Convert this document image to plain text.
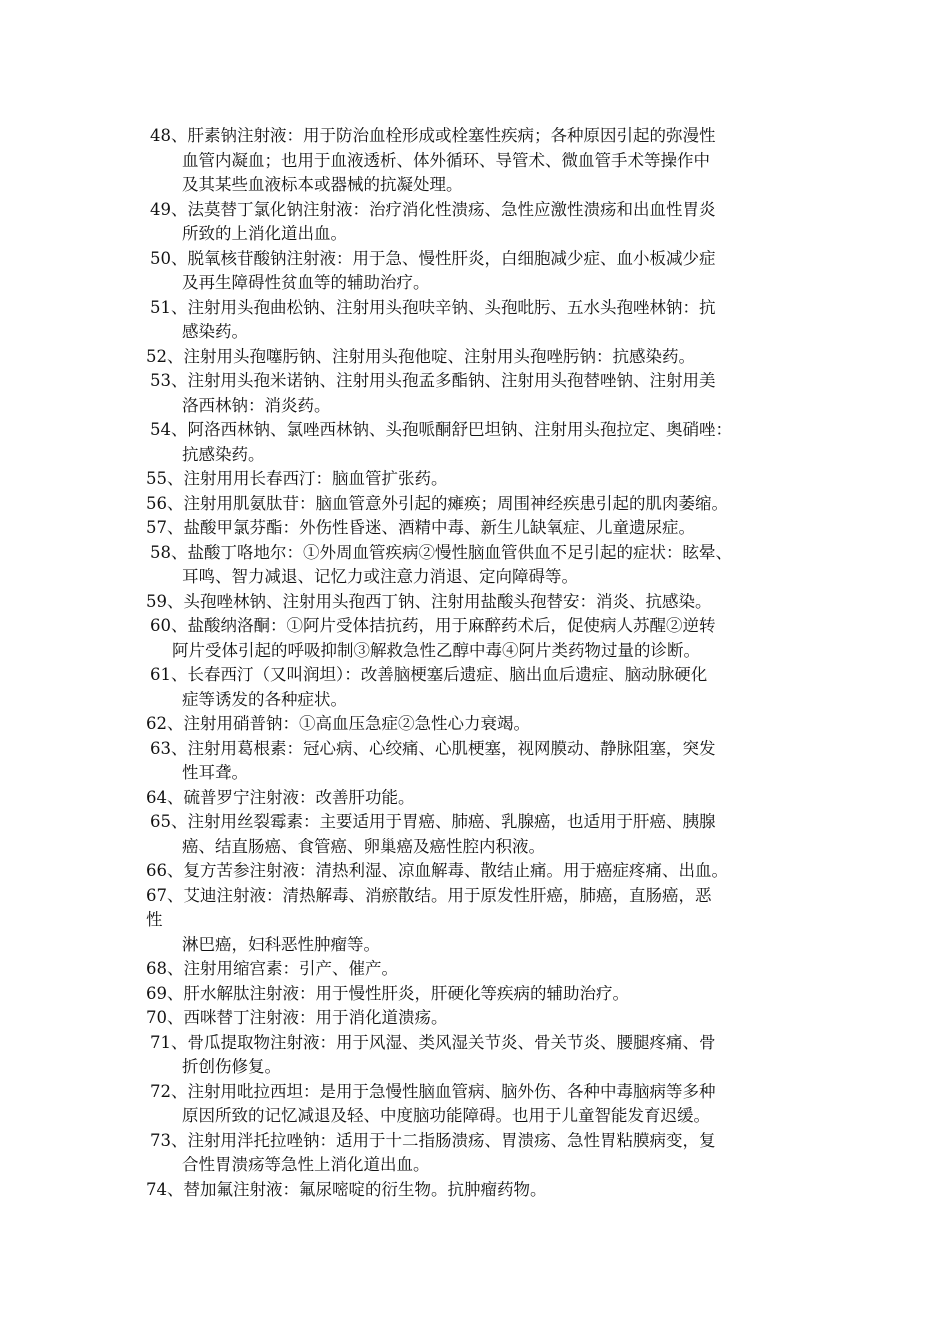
48、肝素钠注射液：用于防治血栓形成或栓塞性疾病；各种原因引起的弥漫性
血管内凝血；也用于血液透析、体外循环、导管术、微血管手术等操作中
及其某些血液标本或器械的抗凝处理。
49、法莫替丁氯化钠注射液：治疗消化性溃疡、急性应激性溃疡和出血性胃炎
所致的上消化道出血。
50、脱氧核苷酸钠注射液：用于急、慢性肝炎，白细胞减少症、血小板减少症
及再生障碍性贫血等的辅助治疗。
51、注射用头孢曲松钠、注射用头孢呋辛钠、头孢吡肟、五水头孢唑林钠：抗
感染药。
52、注射用头孢噻肟钠、注射用头孢他啶、注射用头孢唑肟钠：抗感染药。
53、注射用头孢米诺钠、注射用头孢孟多酯钠、注射用头孢替唑钠、注射用美
洛西林钠：消炎药。
54、阿洛西林钠、氯唑西林钠、头孢哌酮舒巴坦钠、注射用头孢拉定、奥硝唑：
抗感染药。
55、注射用用长春西汀：脑血管扩张药。
56、注射用肌氨肽苷：脑血管意外引起的瘫痪；周围神经疾患引起的肌肉萎缩。
57、盐酸甲氯芬酯：外伤性昏迷、酒精中毒、新生儿缺氧症、儿童遗尿症。
58、盐酸丁咯地尔：①外周血管疾病②慢性脑血管供血不足引起的症状：眩晕、
耳鸣、智力减退、记忆力或注意力消退、定向障碍等。
59、头孢唑林钠、注射用头孢西丁钠、注射用盐酸头孢替安：消炎、抗感染。
60、盐酸纳洛酮：①阿片受体拮抗药，用于麻醉药术后，促使病人苏醒②逆转
阿片受体引起的呼吸抑制③解救急性乙醇中毒④阿片类药物过量的诊断。
61、长春西汀（又叫润坦）：改善脑梗塞后遗症、脑出血后遗症、脑动脉硬化
症等诱发的各种症状。
62、注射用硝普钠：①高血压急症②急性心力衰竭。
63、注射用葛根素：冠心病、心绞痛、心肌梗塞，视网膜动、静脉阻塞，突发
性耳聋。
64、硫普罗宁注射液：改善肝功能。
65、注射用丝裂霉素：主要适用于胃癌、肺癌、乳腺癌，也适用于肝癌、胰腺
癌、结直肠癌、食管癌、卵巢癌及癌性腔内积液。
66、复方苦参注射液：清热利湿、凉血解毒、散结止痛。用于癌症疼痛、出血。
67、艾迪注射液：清热解毒、消瘀散结。用于原发性肝癌，肺癌，直肠癌，恶
性
淋巴癌，妇科恶性肿瘤等。
68、注射用缩宫素：引产、催产。
69、肝水解肽注射液：用于慢性肝炎，肝硬化等疾病的辅助治疗。
70、西咪替丁注射液：用于消化道溃疡。
71、骨瓜提取物注射液：用于风湿、类风湿关节炎、骨关节炎、腰腿疼痛、骨
折创伤修复。
72、注射用吡拉西坦：是用于急慢性脑血管病、脑外伤、各种中毒脑病等多种
原因所致的记忆减退及轻、中度脑功能障碍。也用于儿童智能发育迟缓。
73、注射用泮托拉唑钠：适用于十二指肠溃疡、胃溃疡、急性胃粘膜病变，复
合性胃溃疡等急性上消化道出血。
74、替加氟注射液：氟尿嘧啶的衍生物。抗肿瘤药物。
